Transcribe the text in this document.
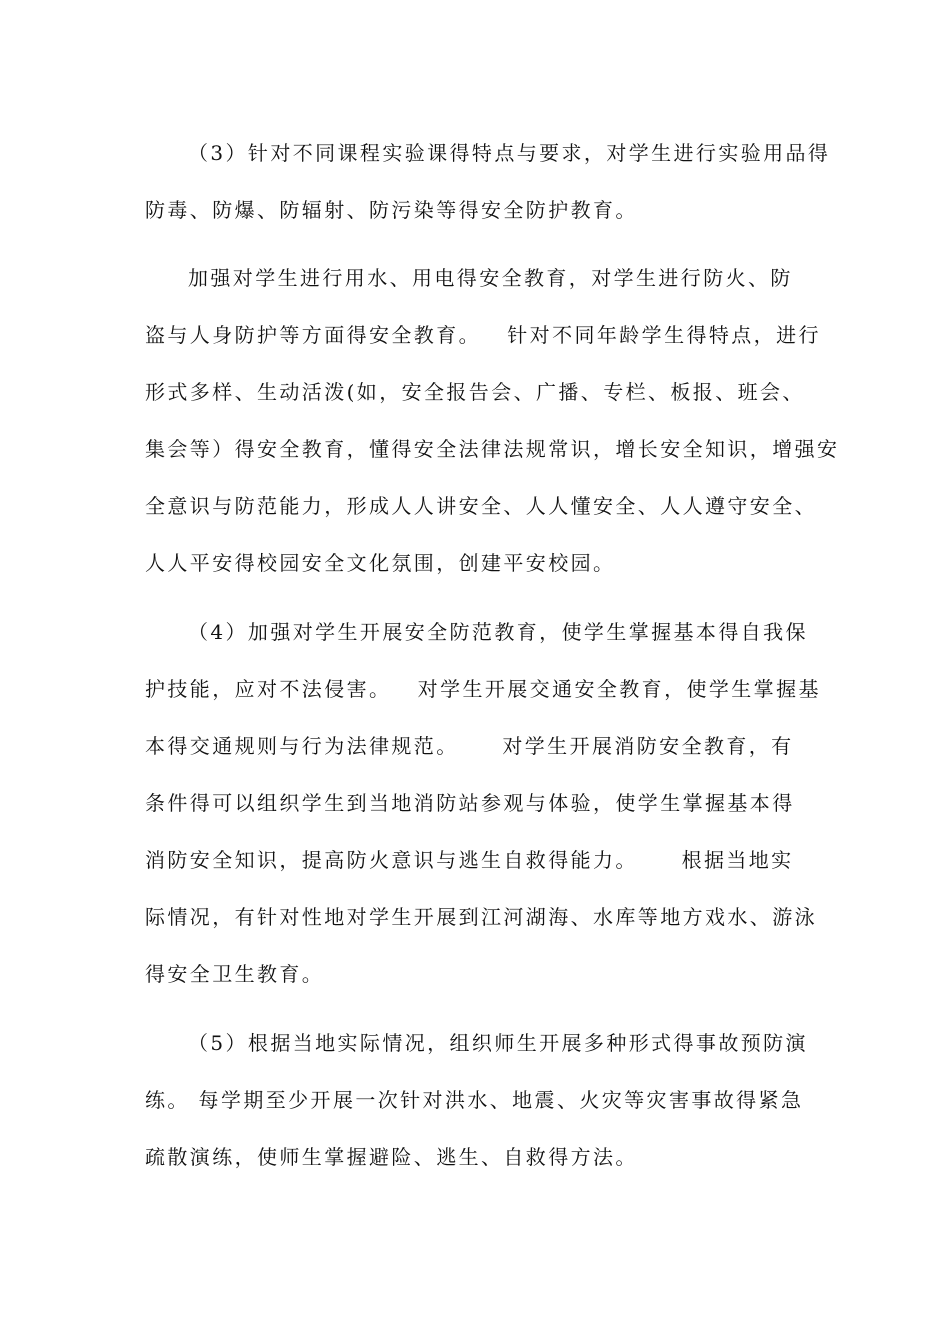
（3）针对不同课程实验课得特点与要求，对学生进行实验用品得
防毒、防爆、防辐射、防污染等得安全防护教育。
加强对学生进行用水、用电得安全教育，对学生进行防火、防
盗与人身防护等方面得安全教育。   针对不同年龄学生得特点，进行
形式多样、生动活泼(如，安全报告会、广播、专栏、板报、班会、
集会等）得安全教育，懂得安全法律法规常识，增长安全知识，增强安
全意识与防范能力，形成人人讲安全、人人懂安全、人人遵守安全、
人人平安得校园安全文化氛围，创建平安校园。
（4）加强对学生开展安全防范教育，使学生掌握基本得自我保
护技能，应对不法侵害。   对学生开展交通安全教育，使学生掌握基
本得交通规则与行为法律规范。     对学生开展消防安全教育，有
条件得可以组织学生到当地消防站参观与体验，使学生掌握基本得
消防安全知识，提高防火意识与逃生自救得能力。     根据当地实
际情况，有针对性地对学生开展到江河湖海、水库等地方戏水、游泳
得安全卫生教育。
（5）根据当地实际情况，组织师生开展多种形式得事故预防演
练。 每学期至少开展一次针对洪水、地震、火灾等灾害事故得紧急
疏散演练，使师生掌握避险、逃生、自救得方法。
